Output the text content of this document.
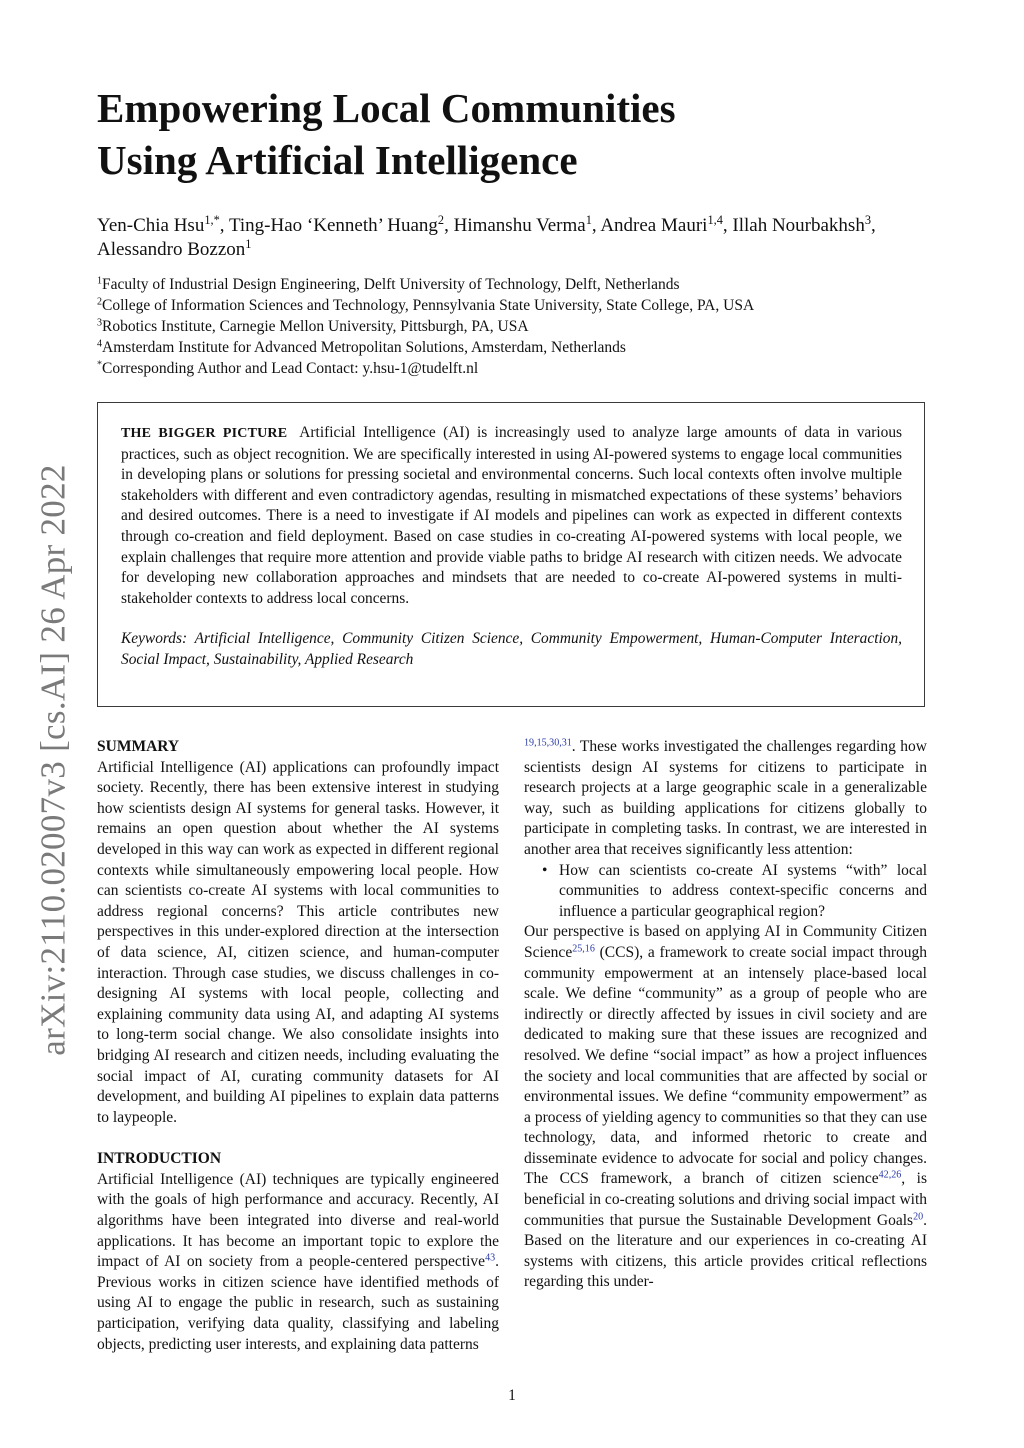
arXiv:2110.02007v3 [cs.AI] 26 Apr 2022
Empowering Local Communities
Using Artificial Intelligence
Yen-Chia Hsu$^{1,*}$, Ting-Hao ‘Kenneth’ Huang$^2$, Himanshu Verma$^1$, Andrea Mauri$^{1,4}$, Illah Nourbakhsh$^3$, Alessandro Bozzon$^1$
$^1$Faculty of Industrial Design Engineering, Delft University of Technology, Delft, Netherlands
$^2$College of Information Sciences and Technology, Pennsylvania State University, State College, PA, USA
$^3$Robotics Institute, Carnegie Mellon University, Pittsburgh, PA, USA
$^4$Amsterdam Institute for Advanced Metropolitan Solutions, Amsterdam, Netherlands
*Corresponding Author and Lead Contact: y.hsu-1@tudelft.nl
THE BIGGER PICTURE Artificial Intelligence (AI) is increasingly used to analyze large amounts of data in various practices, such as object recognition. We are specifically interested in using AI-powered systems to engage local communities in developing plans or solutions for pressing societal and environmental concerns. Such local contexts often involve multiple stakeholders with different and even contradictory agendas, resulting in mismatched expectations of these systems’ behaviors and desired outcomes. There is a need to investigate if AI models and pipelines can work as expected in different contexts through co-creation and field deployment. Based on case studies in co-creating AI-powered systems with local people, we explain challenges that require more attention and provide viable paths to bridge AI research with citizen needs. We advocate for developing new collaboration approaches and mindsets that are needed to co-create AI-powered systems in multi-stakeholder contexts to address local concerns.
Keywords: Artificial Intelligence, Community Citizen Science, Community Empowerment, Human-Computer Interaction, Social Impact, Sustainability, Applied Research
SUMMARY
Artificial Intelligence (AI) applications can profoundly impact society. Recently, there has been extensive interest in studying how scientists design AI systems for general tasks. However, it remains an open question about whether the AI systems developed in this way can work as expected in different regional contexts while simultaneously empowering local people. How can scientists co-create AI systems with local communities to address regional concerns? This article contributes new perspectives in this under-explored direction at the intersection of data science, AI, citizen science, and human-computer interaction. Through case studies, we discuss challenges in co-designing AI systems with local people, collecting and explaining community data using AI, and adapting AI systems to long-term social change. We also consolidate insights into bridging AI research and citizen needs, including evaluating the social impact of AI, curating community datasets for AI development, and building AI pipelines to explain data patterns to laypeople.
INTRODUCTION
Artificial Intelligence (AI) techniques are typically engineered with the goals of high performance and accuracy. Recently, AI algorithms have been integrated into diverse and real-world applications. It has become an important topic to explore the impact of AI on society from a people-centered perspective$^{43}$. Previous works in citizen science have identified methods of using AI to engage the public in research, such as sustaining participation, verifying data quality, classifying and labeling objects, predicting user interests, and explaining data patterns
$^{19,15,30,31}$. These works investigated the challenges regarding how scientists design AI systems for citizens to participate in research projects at a large geographic scale in a generalizable way, such as building applications for citizens globally to participate in completing tasks. In contrast, we are interested in another area that receives significantly less attention:
• How can scientists co-create AI systems “with” local communities to address context-specific concerns and influence a particular geographical region?
Our perspective is based on applying AI in Community Citizen Science$^{25,16}$ (CCS), a framework to create social impact through community empowerment at an intensely place-based local scale. We define “community” as a group of people who are indirectly or directly affected by issues in civil society and are dedicated to making sure that these issues are recognized and resolved. We define “social impact” as how a project influences the society and local communities that are affected by social or environmental issues. We define “community empowerment” as a process of yielding agency to communities so that they can use technology, data, and informed rhetoric to create and disseminate evidence to advocate for social and policy changes. The CCS framework, a branch of citizen science$^{42,26}$, is beneficial in co-creating solutions and driving social impact with communities that pursue the Sustainable Development Goals$^{20}$. Based on the literature and our experiences in co-creating AI systems with citizens, this article provides critical reflections regarding this under-
1
